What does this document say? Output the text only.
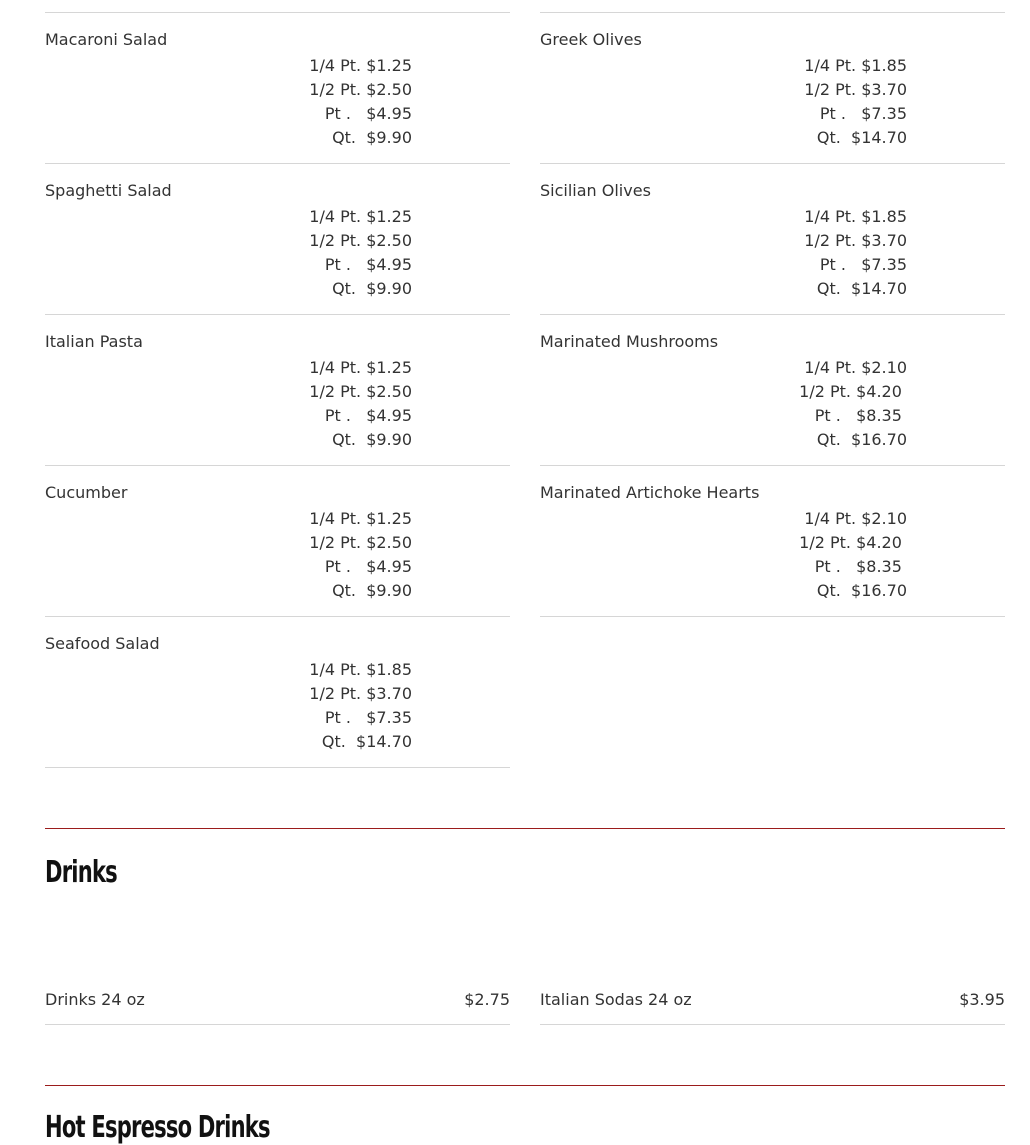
Macaroni Salad
1/4 Pt. $1.25
1/2 Pt. $2.50
Pt .   $4.95
Qt.  $9.90
Spaghetti Salad
1/4 Pt. $1.25
1/2 Pt. $2.50
Pt .   $4.95
Qt.  $9.90
Italian Pasta
1/4 Pt. $1.25
1/2 Pt. $2.50
Pt .   $4.95
Qt.  $9.90
Cucumber
1/4 Pt. $1.25
1/2 Pt. $2.50
Pt .   $4.95
Qt.  $9.90
Seafood Salad
1/4 Pt. $1.85
1/2 Pt. $3.70
Pt .   $7.35
Qt.  $14.70
Greek Olives
1/4 Pt. $1.85
1/2 Pt. $3.70
Pt .   $7.35
Qt.  $14.70
Sicilian Olives
1/4 Pt. $1.85
1/2 Pt. $3.70
Pt .   $7.35
Qt.  $14.70
Marinated Mushrooms
1/4 Pt. $2.10
1/2 Pt. $4.20
Pt .   $8.35
Qt.  $16.70
Marinated Artichoke Hearts
1/4 Pt. $2.10
1/2 Pt. $4.20
Pt .   $8.35
Qt.  $16.70
Drinks
Drinks 24 oz	$2.75 Italian Sodas 24 oz	$3.95
Hot Espresso Drinks
